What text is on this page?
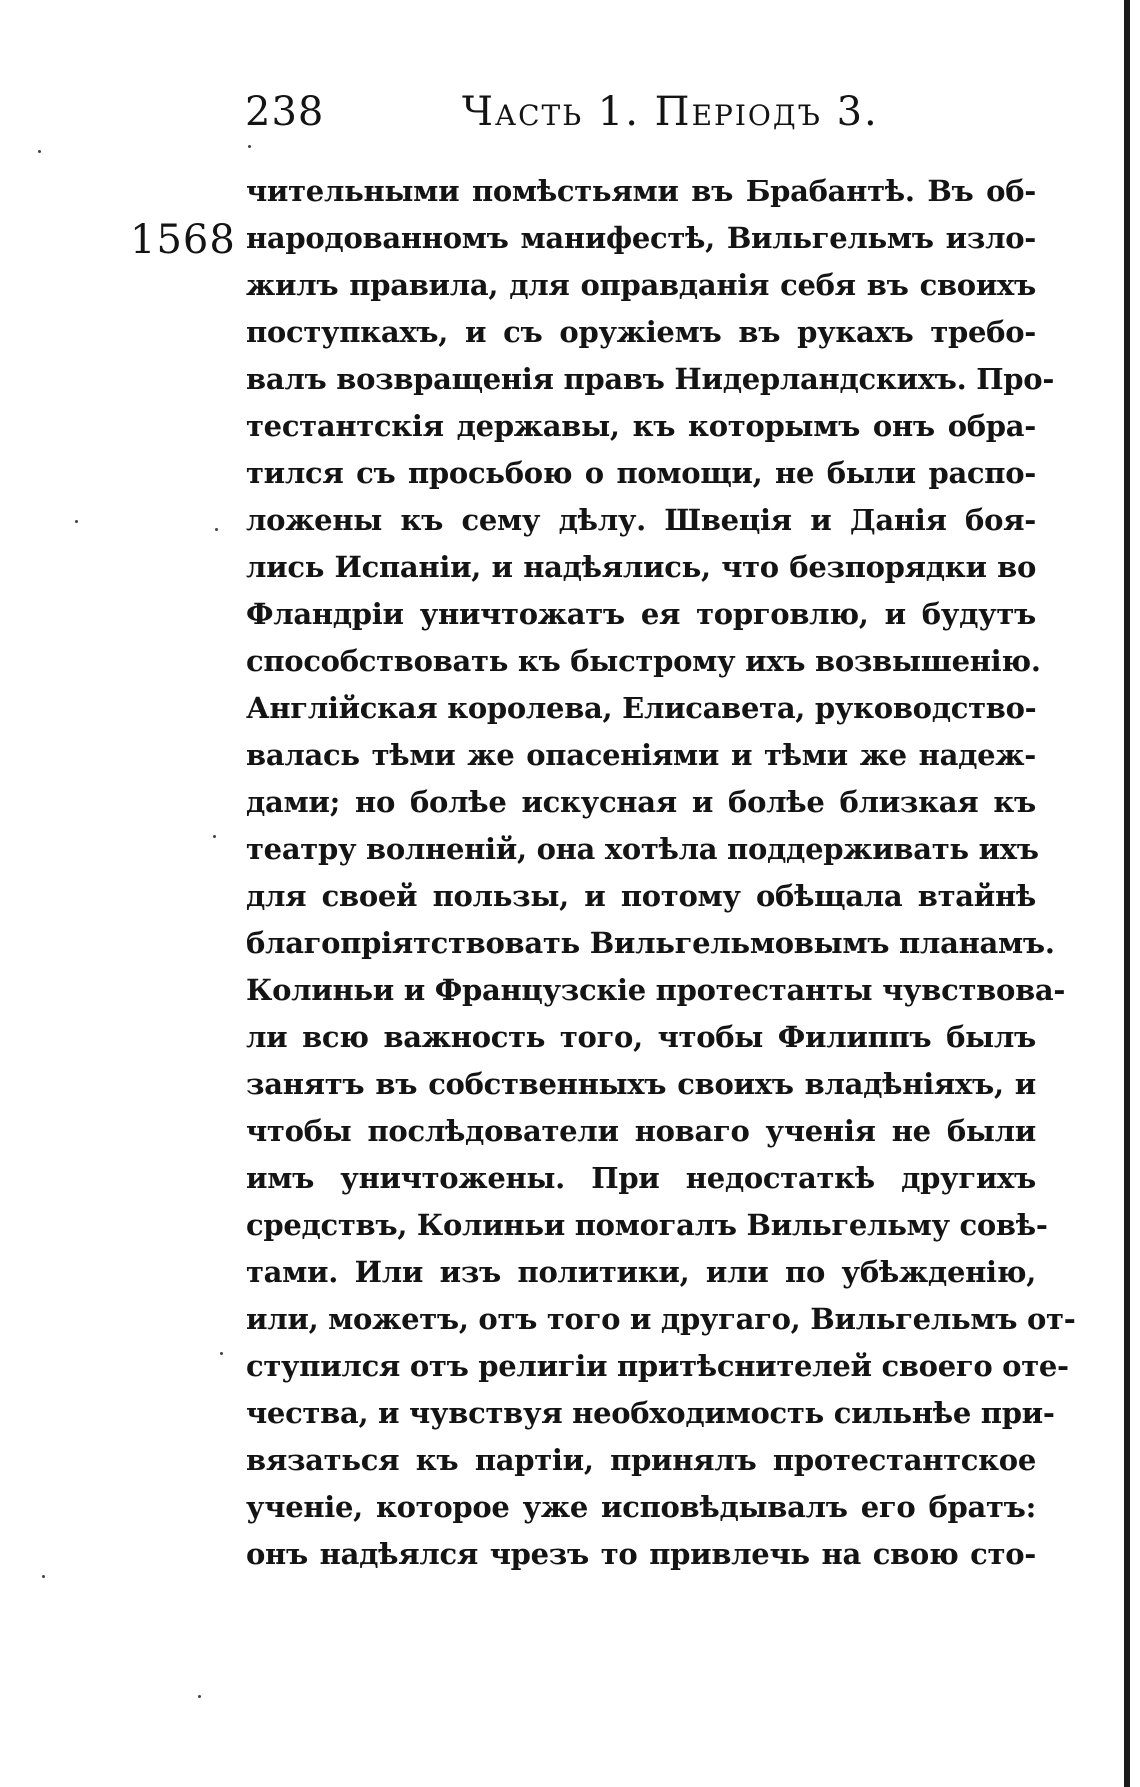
238	Часть 1. Періодъ 3.
1568
чительными помѣстьями въ Брабантѣ. Въ об-
народованномъ манифестѣ, Вильгельмъ изло-
жилъ правила, для оправданія себя въ своихъ
поступкахъ, и съ оружіемъ въ рукахъ требо-
валъ возвращенія правъ Нидерландскихъ. Про-
тестантскія державы, къ которымъ онъ обра-
тился съ просьбою о помощи, не были распо-
ложены къ сему дѣлу. Швеція и Данія боя-
лись Испаніи, и надѣялись, что безпорядки во
Фландріи уничтожатъ ея торговлю, и будутъ
способствовать къ быстрому ихъ возвышенію.
Англійская королева, Елисавета, руководство-
валась тѣми же опасеніями и тѣми же надеж-
дами; но болѣе искусная и болѣе близкая къ
театру волненій, она хотѣла поддерживать ихъ
для своей пользы, и потому обѣщала втайнѣ
благопріятствовать Вильгельмовымъ планамъ.
Колиньи и Французскіе протестанты чувствова-
ли всю важность того, чтобы Филиппъ былъ
занятъ въ собственныхъ своихъ владѣніяхъ, и
чтобы послѣдователи новаго ученія не были
имъ уничтожены. При недостаткѣ другихъ
средствъ, Колиньи помогалъ Вильгельму совѣ-
тами. Или изъ политики, или по убѣжденію,
или, можетъ, отъ того и другаго, Вильгельмъ от-
ступился отъ религіи притѣснителей своего оте-
чества, и чувствуя необходимость сильнѣе при-
вязаться къ партіи, принялъ протестантское
ученіе, которое уже исповѣдывалъ его братъ:
онъ надѣялся чрезъ то привлечь на свою сто-
